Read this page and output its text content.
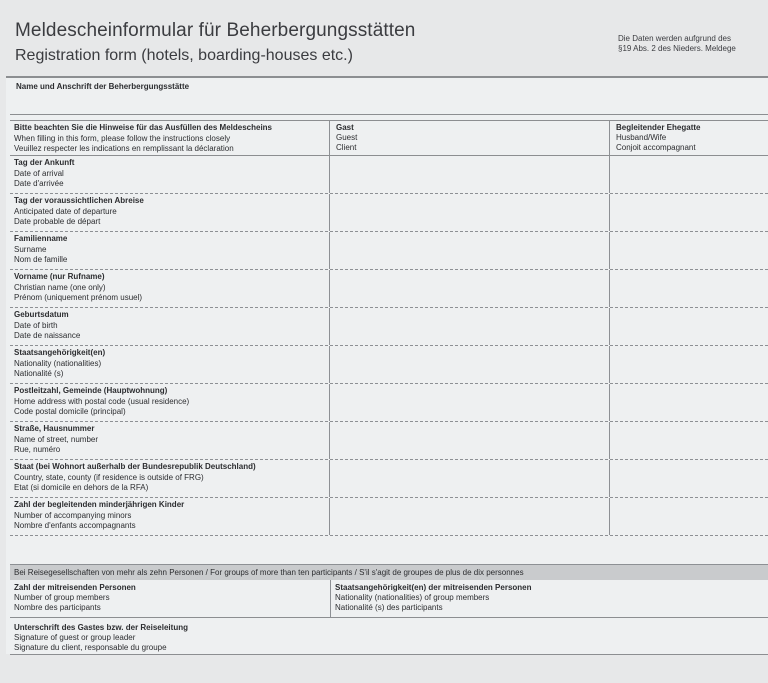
Meldescheinformular für Beherbergungsstätten
Registration form (hotels, boarding-houses etc.)
Die Daten werden aufgrund des
§19 Abs. 2 des Nieders. Meldege
Name und Anschrift der Beherbergungsstätte
Bitte beachten Sie die Hinweise für das Ausfüllen des Meldescheins
When filling in this form, please follow the instructions closely
Veuillez respecter les indications en remplissant la déclaration
Gast
Guest
Client
Begleitender Ehegatte
Husband/Wife
Conjoit accompagnant
Tag der Ankunft
Date of arrival
Date d'arrivée
Tag der voraussichtlichen Abreise
Anticipated date of departure
Date probable de départ
Familienname
Surname
Nom de famille
Vorname (nur Rufname)
Christian name (one only)
Prénom (uniquement prénom usuel)
Geburtsdatum
Date of birth
Date de naissance
Staatsangehörigkeit(en)
Nationality (nationalities)
Nationalité (s)
Postleitzahl, Gemeinde (Hauptwohnung)
Home address with postal code (usual residence)
Code postal domicile (principal)
Straße, Hausnummer
Name of street, number
Rue, numéro
Staat (bei Wohnort außerhalb der Bundesrepublik Deutschland)
Country, state, county (if residence is outside of FRG)
Etat (si domicile en dehors de la RFA)
Zahl der begleitenden minderjährigen Kinder
Number of accompanying minors
Nombre d'enfants accompagnants
Bei Reisegesellschaften von mehr als zehn Personen / For groups of more than ten participants / S'il s'agit de groupes de plus de dix personnes
Zahl der mitreisenden Personen
Number of group members
Nombre des participants
Staatsangehörigkeit(en) der mitreisenden Personen
Nationality (nationalities) of group members
Nationalité (s) des participants
Unterschrift des Gastes bzw. der Reiseleitung
Signature of guest or group leader
Signature du client, responsable du groupe
